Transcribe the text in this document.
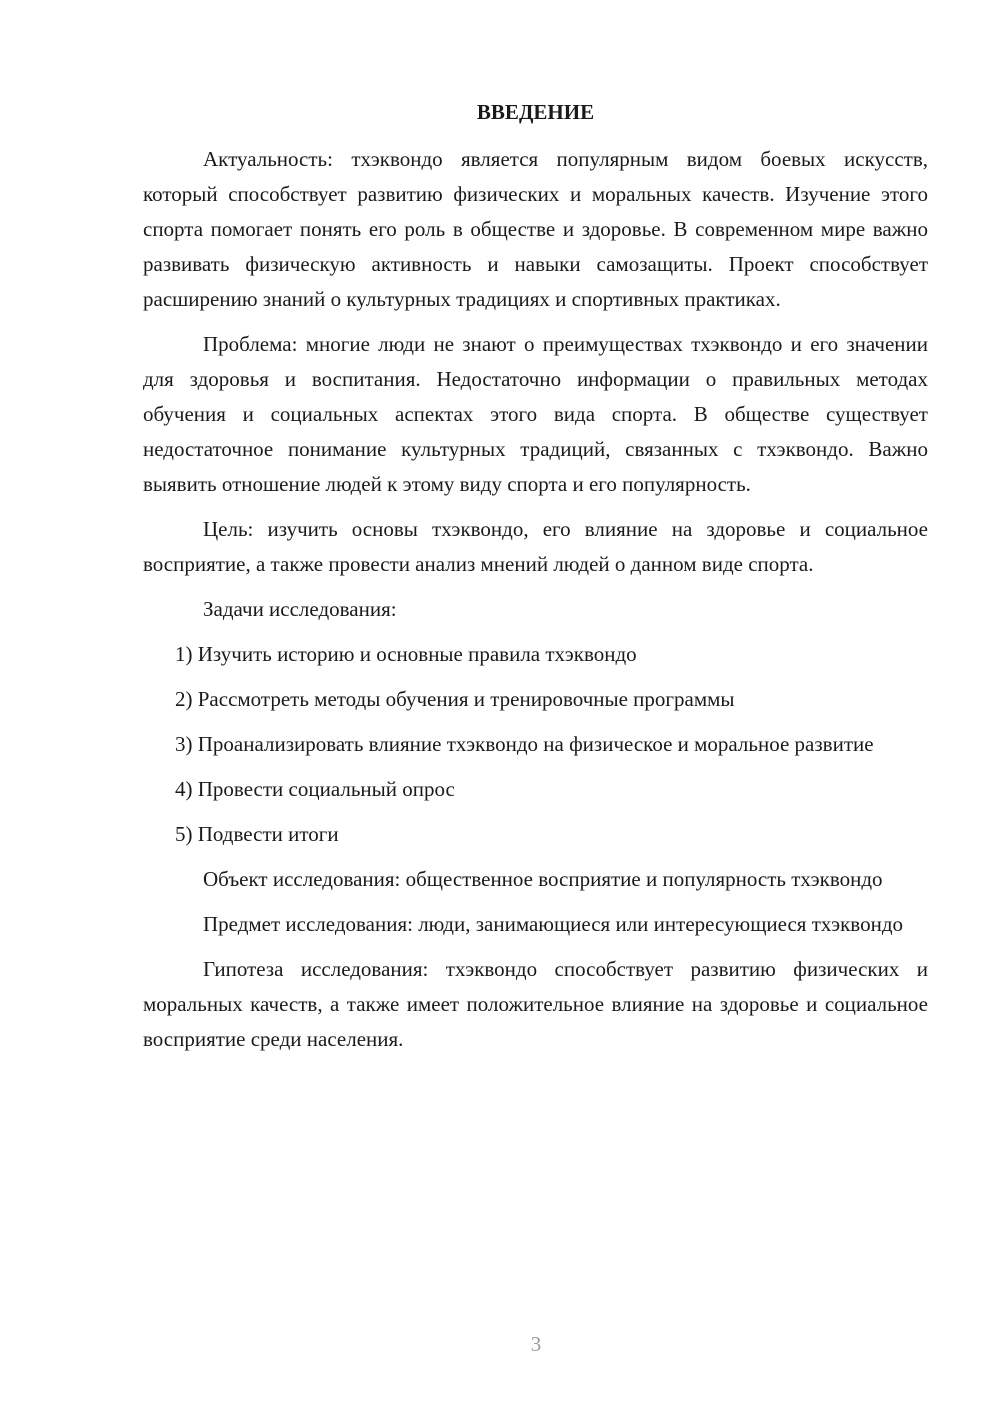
ВВЕДЕНИЕ

Актуальность: тхэквондо является популярным видом боевых искусств, который способствует развитию физических и моральных качеств. Изучение этого спорта помогает понять его роль в обществе и здоровье. В современном мире важно развивать физическую активность и навыки самозащиты. Проект способствует расширению знаний о культурных традициях и спортивных практиках.

Проблема: многие люди не знают о преимуществах тхэквондо и его значении для здоровья и воспитания. Недостаточно информации о правильных методах обучения и социальных аспектах этого вида спорта. В обществе существует недостаточное понимание культурных традиций, связанных с тхэквондо. Важно выявить отношение людей к этому виду спорта и его популярность.

Цель: изучить основы тхэквондо, его влияние на здоровье и социальное восприятие, а также провести анализ мнений людей о данном виде спорта.

Задачи исследования:

1) Изучить историю и основные правила тхэквондо

2) Рассмотреть методы обучения и тренировочные программы

3) Проанализировать влияние тхэквондо на физическое и моральное развитие

4) Провести социальный опрос

5) Подвести итоги

Объект исследования: общественное восприятие и популярность тхэквондо

Предмет исследования: люди, занимающиеся или интересующиеся тхэквондо

Гипотеза исследования: тхэквондо способствует развитию физических и моральных качеств, а также имеет положительное влияние на здоровье и социальное восприятие среди населения.

3
